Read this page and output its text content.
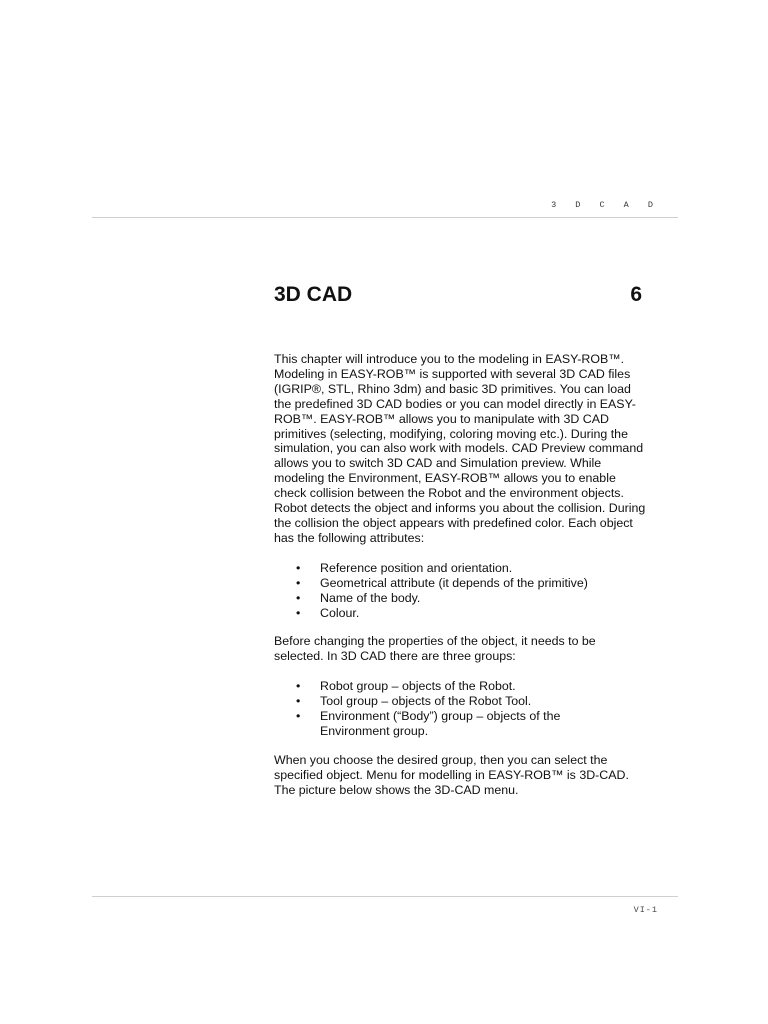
3 D C A D
3D CAD	6

This chapter will introduce you to the modeling in EASY-ROB™. Modeling in EASY-ROB™ is supported with several 3D CAD files (IGRIP®, STL, Rhino 3dm) and basic 3D primitives. You can load the predefined 3D CAD bodies or you can model directly in EASY-ROB™. EASY-ROB™ allows you to manipulate with 3D CAD primitives (selecting, modifying, coloring moving etc.). During the simulation, you can also work with models. CAD Preview command allows you to switch 3D CAD and Simulation preview. While modeling the Environment, EASY-ROB™ allows you to enable check collision between the Robot and the environment objects. Robot detects the object and informs you about the collision. During the collision the object appears with predefined color. Each object has the following attributes:

• Reference position and orientation.
• Geometrical attribute (it depends of the primitive)
• Name of the body.
• Colour.

Before changing the properties of the object, it needs to be selected. In 3D CAD there are three groups:

• Robot group – objects of the Robot.
• Tool group – objects of the Robot Tool.
• Environment (“Body”) group – objects of the Environment group.

When you choose the desired group, then you can select the specified object. Menu for modelling in EASY-ROB™ is 3D-CAD. The picture below shows the 3D-CAD menu.

VI-1
